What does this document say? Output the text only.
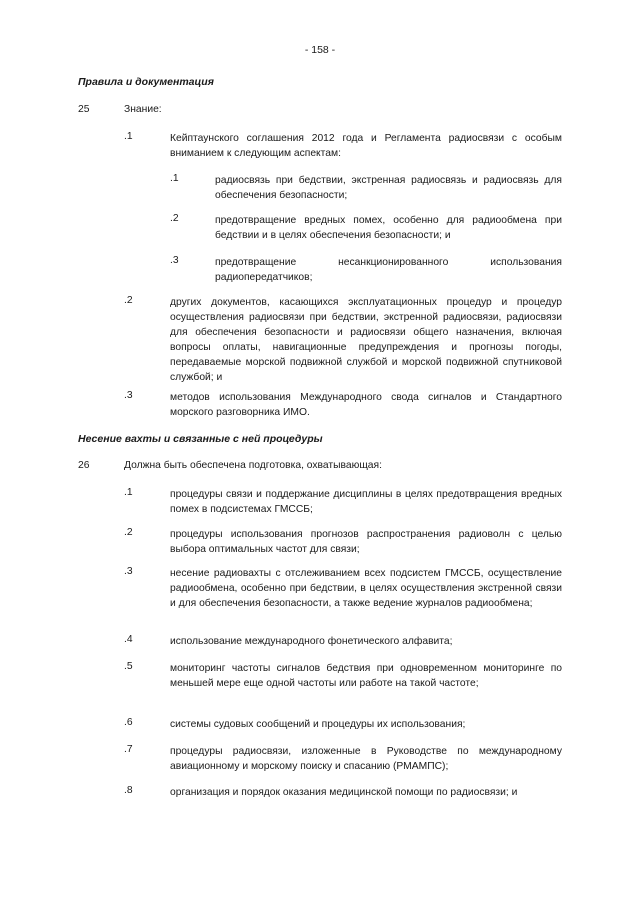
- 158 -
Правила и документация
25	Знание:
.1	Кейптаунского соглашения 2012 года и Регламента радиосвязи с особым вниманием к следующим аспектам:
.1	радиосвязь при бедствии, экстренная радиосвязь и радиосвязь для обеспечения безопасности;
.2	предотвращение вредных помех, особенно для радиообмена при бедствии и в целях обеспечения безопасности; и
.3	предотвращение несанкционированного использования радиопередатчиков;
.2	других документов, касающихся эксплуатационных процедур и процедур осуществления радиосвязи при бедствии, экстренной радиосвязи, радиосвязи для обеспечения безопасности и радиосвязи общего назначения, включая вопросы оплаты, навигационные предупреждения и прогнозы погоды, передаваемые морской подвижной службой и морской подвижной спутниковой службой; и
.3	методов использования Международного свода сигналов и Стандартного морского разговорника ИМО.
Несение вахты и связанные с ней процедуры
26	Должна быть обеспечена подготовка, охватывающая:
.1	процедуры связи и поддержание дисциплины в целях предотвращения вредных помех в подсистемах ГМССБ;
.2	процедуры использования прогнозов распространения радиоволн с целью выбора оптимальных частот для связи;
.3	несение радиовахты с отслеживанием всех подсистем ГМССБ, осуществление радиообмена, особенно при бедствии, в целях осуществления экстренной связи и для обеспечения безопасности, а также ведение журналов радиообмена;
.4	использование международного фонетического алфавита;
.5	мониторинг частоты сигналов бедствия при одновременном мониторинге по меньшей мере еще одной частоты или работе на такой частоте;
.6	системы судовых сообщений и процедуры их использования;
.7	процедуры радиосвязи, изложенные в Руководстве по международному авиационному и морскому поиску и спасанию (РМАМПС);
.8	организация и порядок оказания медицинской помощи по радиосвязи; и
